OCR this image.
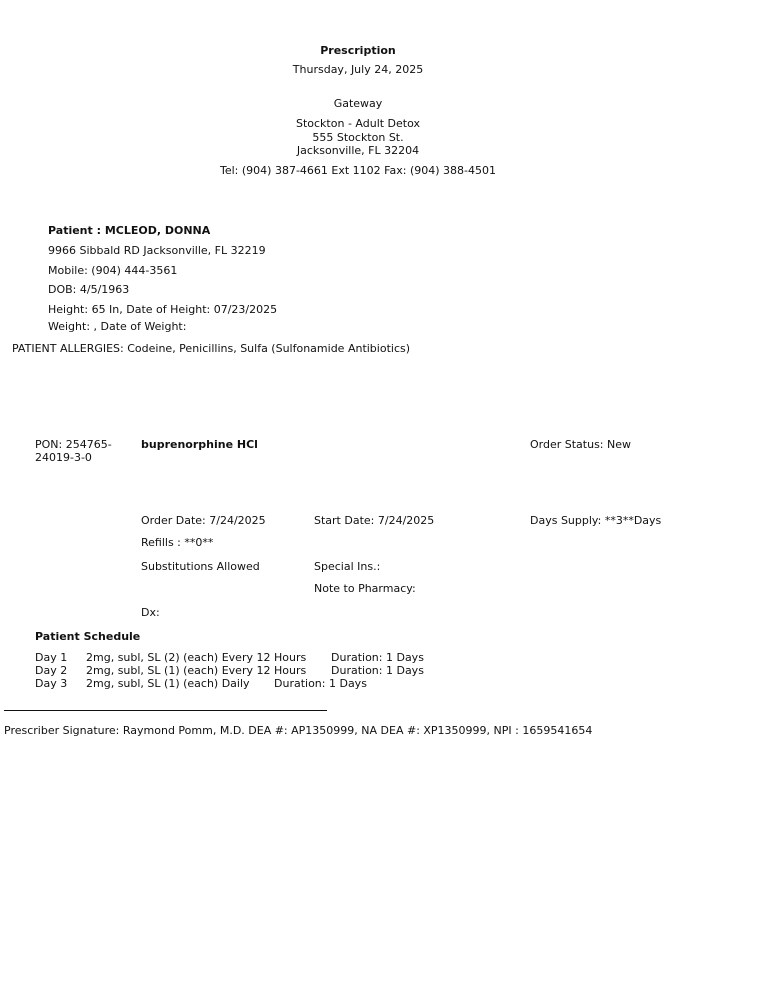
Prescription
Thursday, July 24, 2025
Gateway
Stockton - Adult Detox
555 Stockton St.
Jacksonville, FL 32204
Tel: (904) 387-4661 Ext 1102 Fax: (904) 388-4501
Patient : MCLEOD, DONNA
9966 Sibbald RD Jacksonville, FL 32219
Mobile: (904) 444-3561
DOB: 4/5/1963
Height: 65 In, Date of Height: 07/23/2025
Weight: , Date of Weight:
PATIENT ALLERGIES: Codeine, Penicillins, Sulfa (Sulfonamide Antibiotics)
PON: 254765-
24019-3-0
buprenorphine HCl	Order Status: New
Order Date: 7/24/2025	Start Date: 7/24/2025	Days Supply: **3**Days
Refills : **0**
Substitutions Allowed	Special Ins.:
Note to Pharmacy:
Dx:
Patient Schedule
Day 1 2mg, subl, SL (2) (each) Every 12 Hours Duration: 1 Days
Day 2 2mg, subl, SL (1) (each) Every 12 Hours Duration: 1 Days
Day 3 2mg, subl, SL (1) (each) Daily Duration: 1 Days
Prescriber Signature: Raymond Pomm, M.D. DEA #: AP1350999, NA DEA #: XP1350999, NPI : 1659541654
